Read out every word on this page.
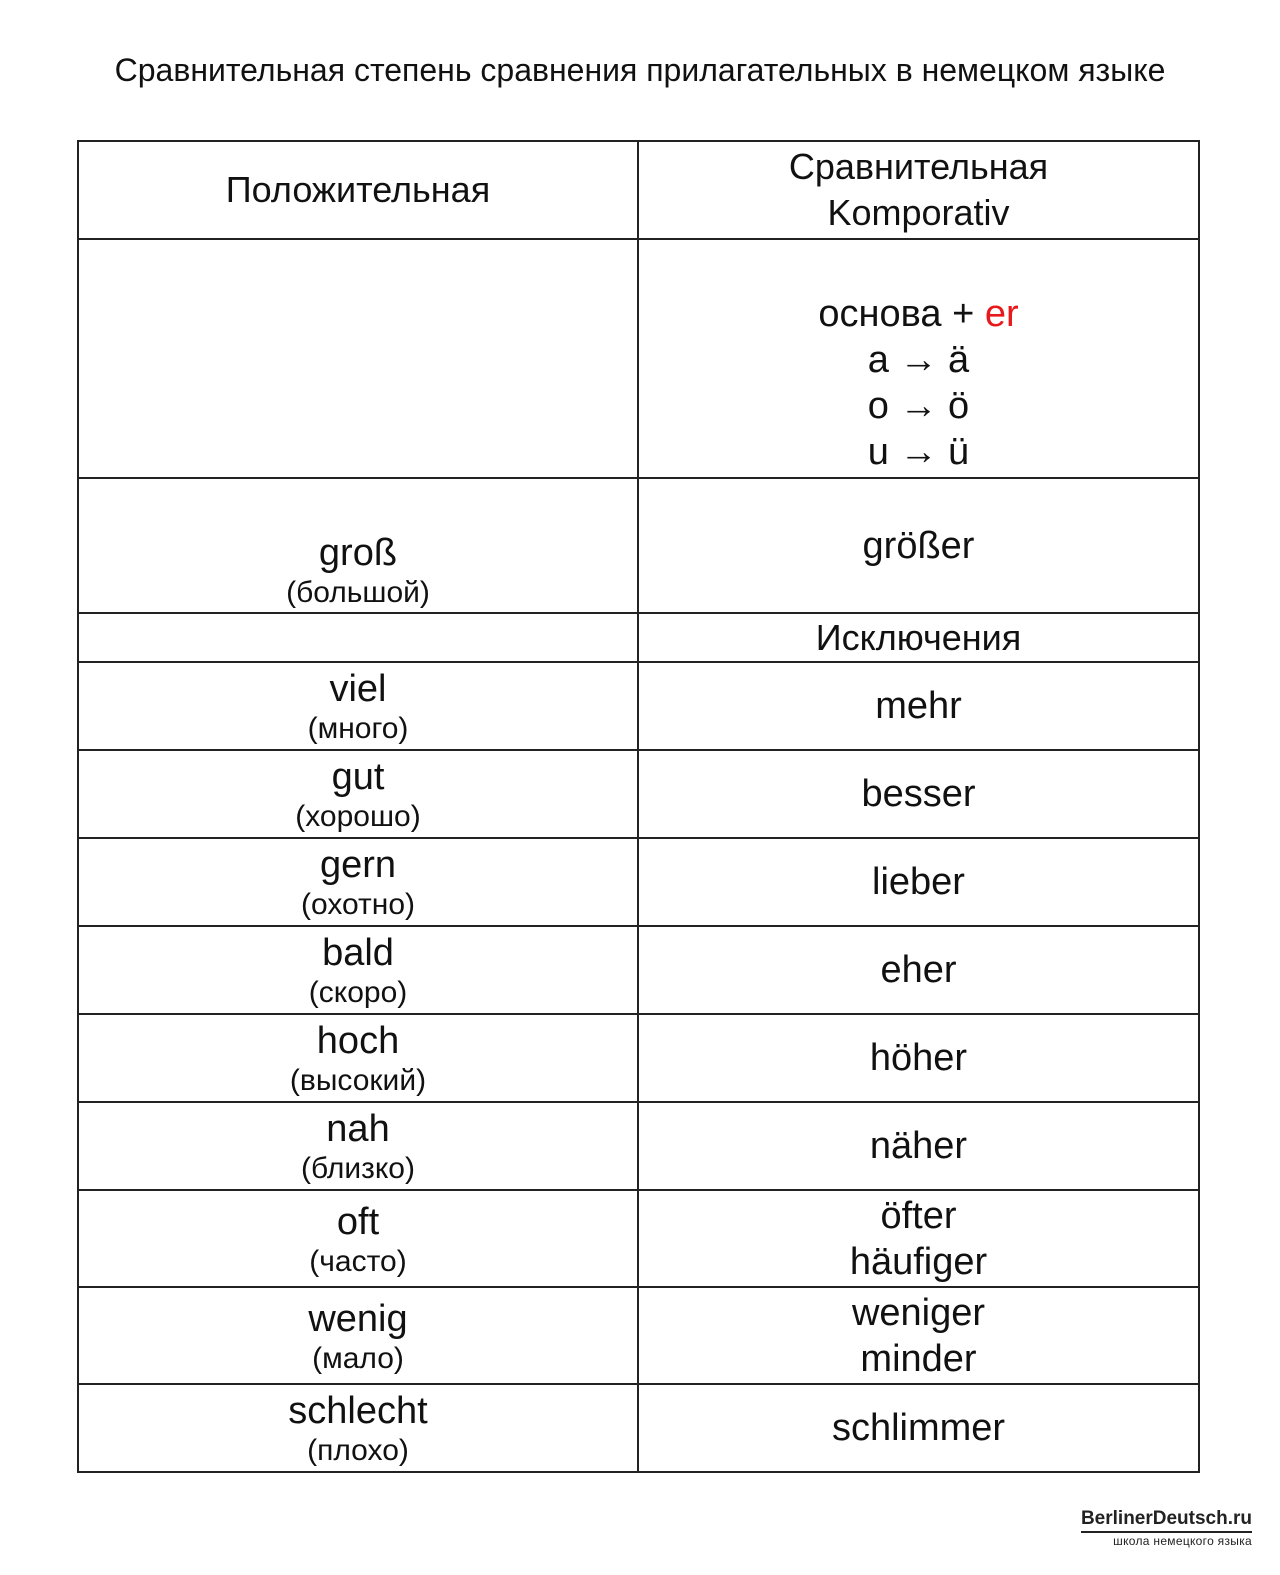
Сравнительная степень сравнения прилагательных в немецком языке
Положительная	Сравнительная
Komporativ

	основа + er
a → ä
o → ö
u → ü

groß
(большой)	größer

	Исключения

viel
(много)	mehr

gut
(хорошо)	besser

gern
(охотно)	lieber

bald
(скоро)	eher

hoch
(высокий)	höher

nah
(близко)	näher

oft
(часто)	öfter
häufiger

wenig
(мало)	weniger
minder

schlecht
(плохо)	schlimmer
BerlinerDeutsch.ru
школа немецкого языка
